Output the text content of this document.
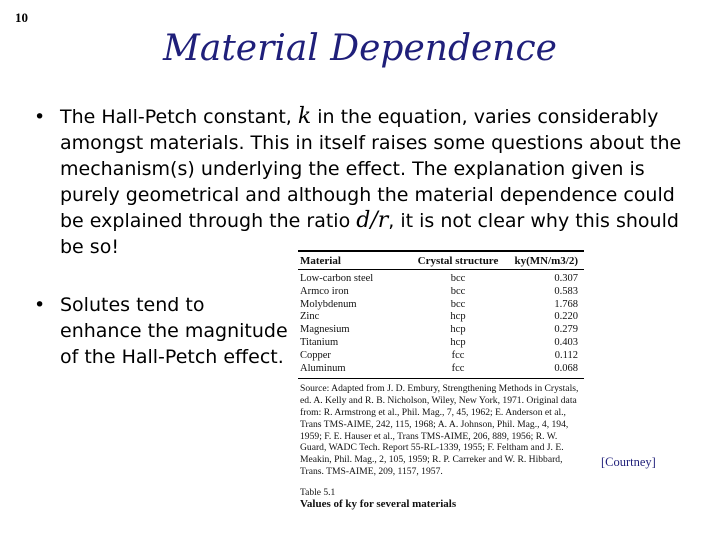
10
Material Dependence
• The Hall-Petch constant, k in the equation, varies considerably amongst materials. This in itself raises some questions about the mechanism(s) underlying the effect. The explanation given is purely geometrical and although the material dependence could be explained through the ratio d/r, it is not clear why this should be so!
• Solutes tend to enhance the magnitude of the Hall-Petch effect.
Material	Crystal structure	ky(MN/m3/2)
Low-carbon steel	bcc	0.307
Armco iron	bcc	0.583
Molybdenum	bcc	1.768
Zinc	hcp	0.220
Magnesium	hcp	0.279
Titanium	hcp	0.403
Copper	fcc	0.112
Aluminum	fcc	0.068
Source: Adapted from J. D. Embury, Strengthening Methods in Crystals, ed. A. Kelly and R. B. Nicholson, Wiley, New York, 1971. Original data from: R. Armstrong et al., Phil. Mag., 7, 45, 1962; E. Anderson et al., Trans TMS-AIME, 242, 115, 1968; A. A. Johnson, Phil. Mag., 4, 194, 1959; F. E. Hauser et al., Trans TMS-AIME, 206, 889, 1956; R. W. Guard, WADC Tech. Report 55-RL-1339, 1955; F. Feltham and J. E. Meakin, Phil. Mag., 2, 105, 1959; R. P. Carreker and W. R. Hibbard, Trans. TMS-AIME, 209, 1157, 1957.
Table 5.1
Values of ky for several materials
[Courtney]
